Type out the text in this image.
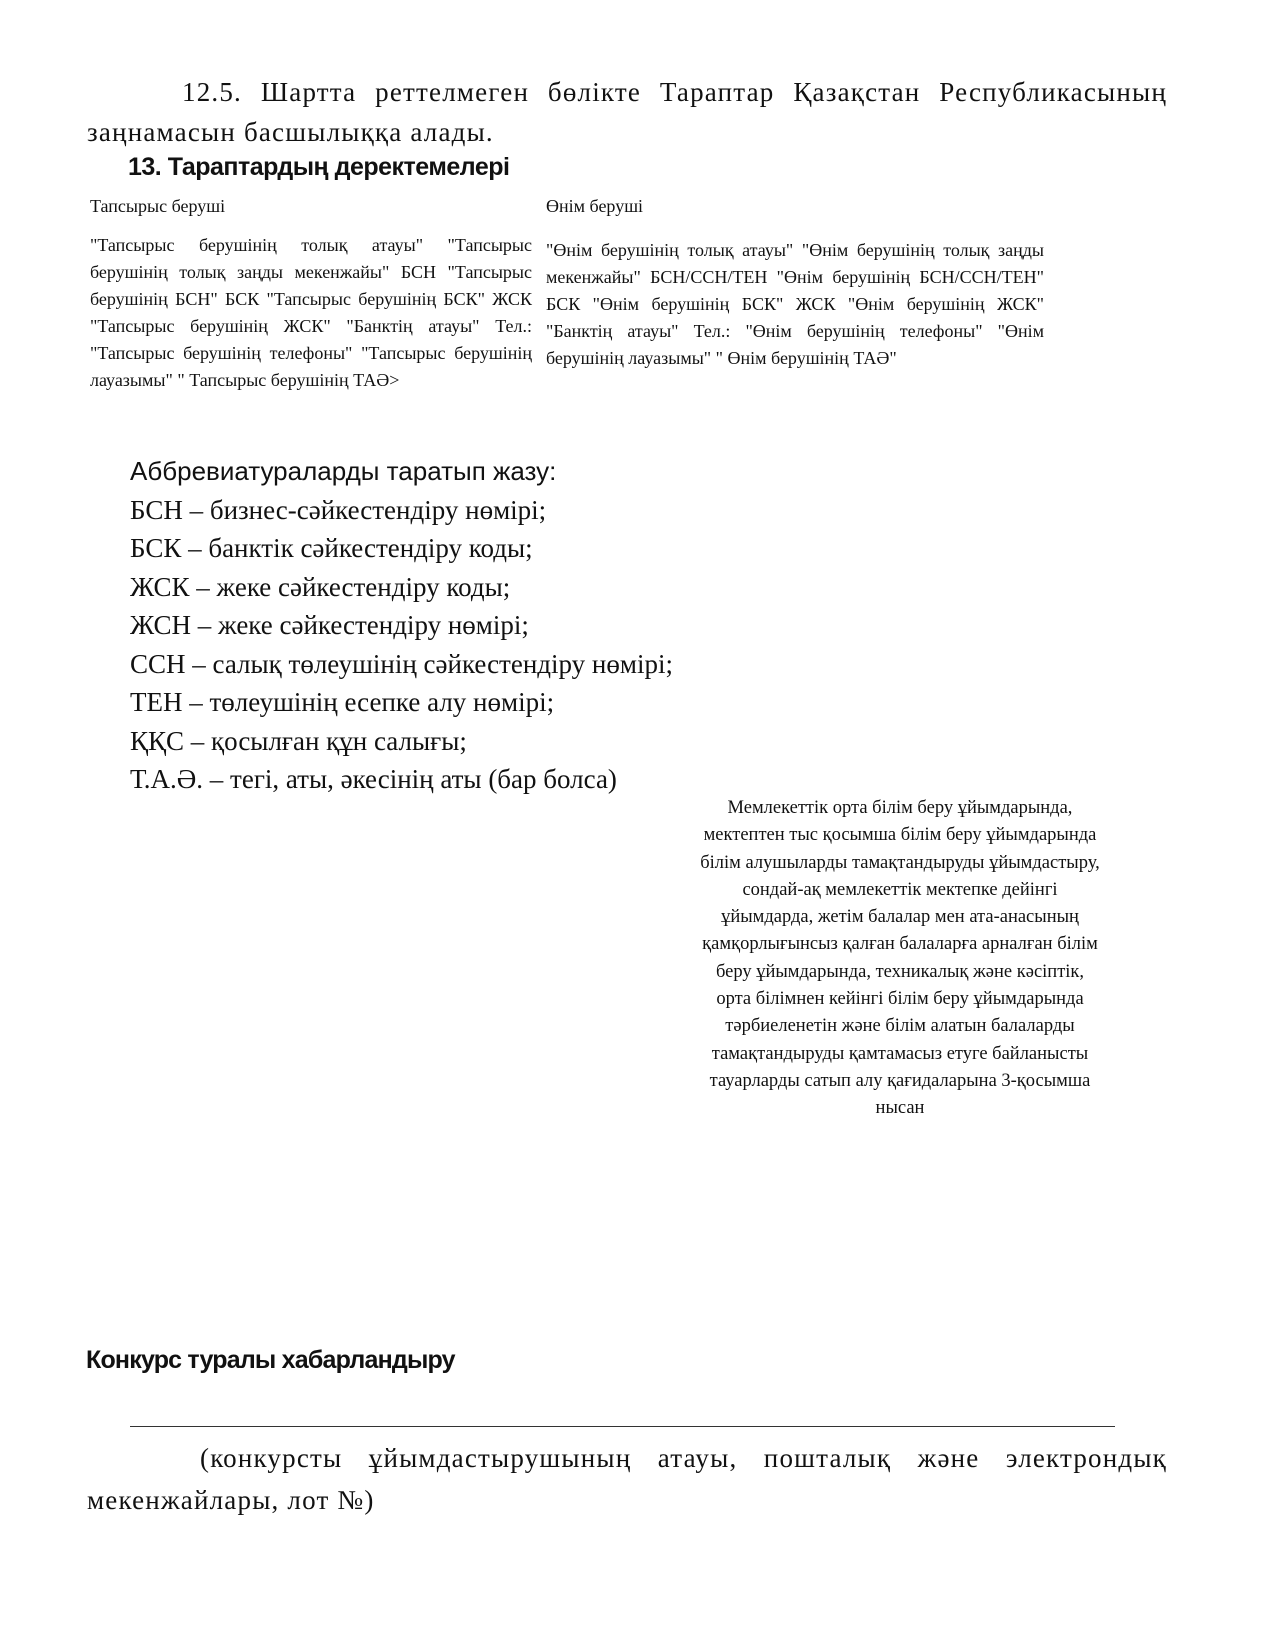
12.5. Шартта реттелмеген бөлікте Тараптар Қазақстан Республикасының
заңнамасын басшылыққа алады.
13. Тараптардың деректемелері
Тапсырыс беруші
"Тапсырыс берушінің толық атауы" "Тапсырыс берушінің толық заңды мекенжайы" БСН "Тапсырыс берушінің БСН" БСК "Тапсырыс берушінің БСК" ЖСК "Тапсырыс берушінің ЖСК" "Банктің атауы" Тел.: "Тапсырыс берушінің телефоны" "Тапсырыс берушінің лауазымы" " Тапсырыс берушінің ТАӘ>
Өнім беруші
"Өнім берушінің толық атауы" "Өнім берушінің толық заңды мекенжайы" БСН/ССН/ТЕН "Өнім берушінің БСН/ССН/ТЕН" БСК "Өнім берушінің БСК" ЖСК "Өнім берушінің ЖСК" "Банктің атауы" Тел.: "Өнім берушінің телефоны" "Өнім берушінің лауазымы" " Өнім берушінің ТАӘ"
Аббревиатураларды таратып жазу:
БСН – бизнес-сәйкестендіру нөмірі;
БСК – банктік сәйкестендіру коды;
ЖСК – жеке сәйкестендіру коды;
ЖСН – жеке сәйкестендіру нөмірі;
ССН – салық төлеушінің сәйкестендіру нөмірі;
ТЕН – төлеушінің есепке алу нөмірі;
ҚҚС – қосылған құн салығы;
Т.А.Ә. – тегі, аты, әкесінің аты (бар болса)
Мемлекеттік орта білім беру ұйымдарында, мектептен тыс қосымша білім беру ұйымдарында білім алушыларды тамақтандыруды ұйымдастыру, сондай-ақ мемлекеттік мектепке дейінгі ұйымдарда, жетім балалар мен ата-анасының қамқорлығынсыз қалған балаларға арналған білім беру ұйымдарында, техникалық және кәсіптік, орта білімнен кейінгі білім беру ұйымдарында тәрбиеленетін және білім алатын балаларды тамақтандыруды қамтамасыз етуге байланысты тауарларды сатып алу қағидаларына 3-қосымша нысан
Конкурс туралы хабарландыру
(конкурсты ұйымдастырушының атауы, пошталық және электрондық
мекенжайлары, лот №)
